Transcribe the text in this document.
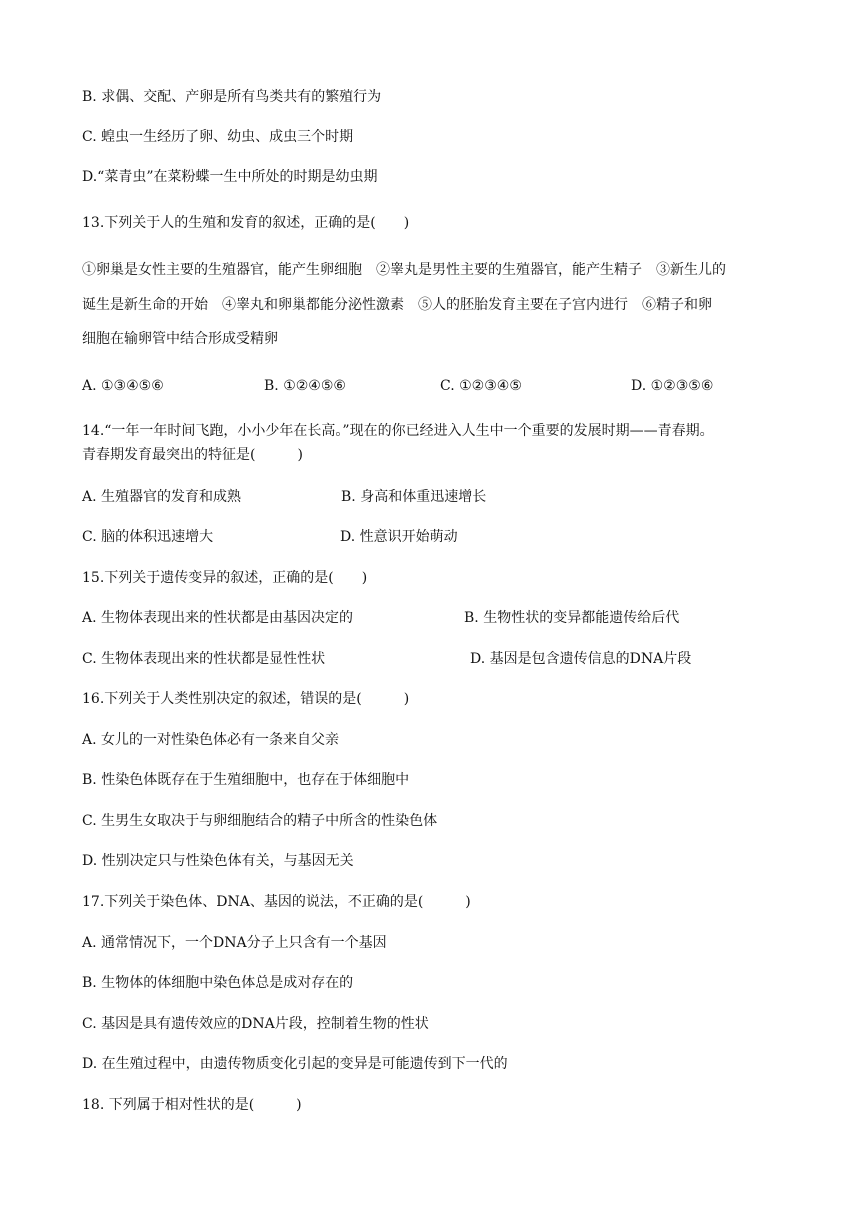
B. 求偶、交配、产卵是所有鸟类共有的繁殖行为
C. 蝗虫一生经历了卵、幼虫、成虫三个时期
D.“菜青虫”在菜粉蝶一生中所处的时期是幼虫期
13.下列关于人的生殖和发育的叙述，正确的是(　　)
①卵巢是女性主要的生殖器官，能产生卵细胞　②睾丸是男性主要的生殖器官，能产生精子　③新生儿的
诞生是新生命的开始　④睾丸和卵巢都能分泌性激素　⑤人的胚胎发育主要在子宫内进行　⑥精子和卵
细胞在输卵管中结合形成受精卵
A. ①③④⑤⑥	B. ①②④⑤⑥	C. ①②③④⑤	D. ①②③⑤⑥
14.“一年一年时间飞跑，小小少年在长高。”现在的你已经进入人生中一个重要的发展时期——青春期。
青春期发育最突出的特征是(　　　)
A. 生殖器官的发育和成熟	B. 身高和体重迅速增长
C. 脑的体积迅速增大	D. 性意识开始萌动
15.下列关于遗传变异的叙述，正确的是(　　)
A. 生物体表现出来的性状都是由基因决定的	B. 生物性状的变异都能遗传给后代
C. 生物体表现出来的性状都是显性性状	D. 基因是包含遗传信息的DNA片段
16.下列关于人类性别决定的叙述，错误的是(　　　)
A. 女儿的一对性染色体必有一条来自父亲
B. 性染色体既存在于生殖细胞中，也存在于体细胞中
C. 生男生女取决于与卵细胞结合的精子中所含的性染色体
D. 性别决定只与性染色体有关，与基因无关
17.下列关于染色体、DNA、基因的说法，不正确的是(　　　)
A. 通常情况下，一个DNA分子上只含有一个基因
B. 生物体的体细胞中染色体总是成对存在的
C. 基因是具有遗传效应的DNA片段，控制着生物的性状
D. 在生殖过程中，由遗传物质变化引起的变异是可能遗传到下一代的
18. 下列属于相对性状的是(　　　)
